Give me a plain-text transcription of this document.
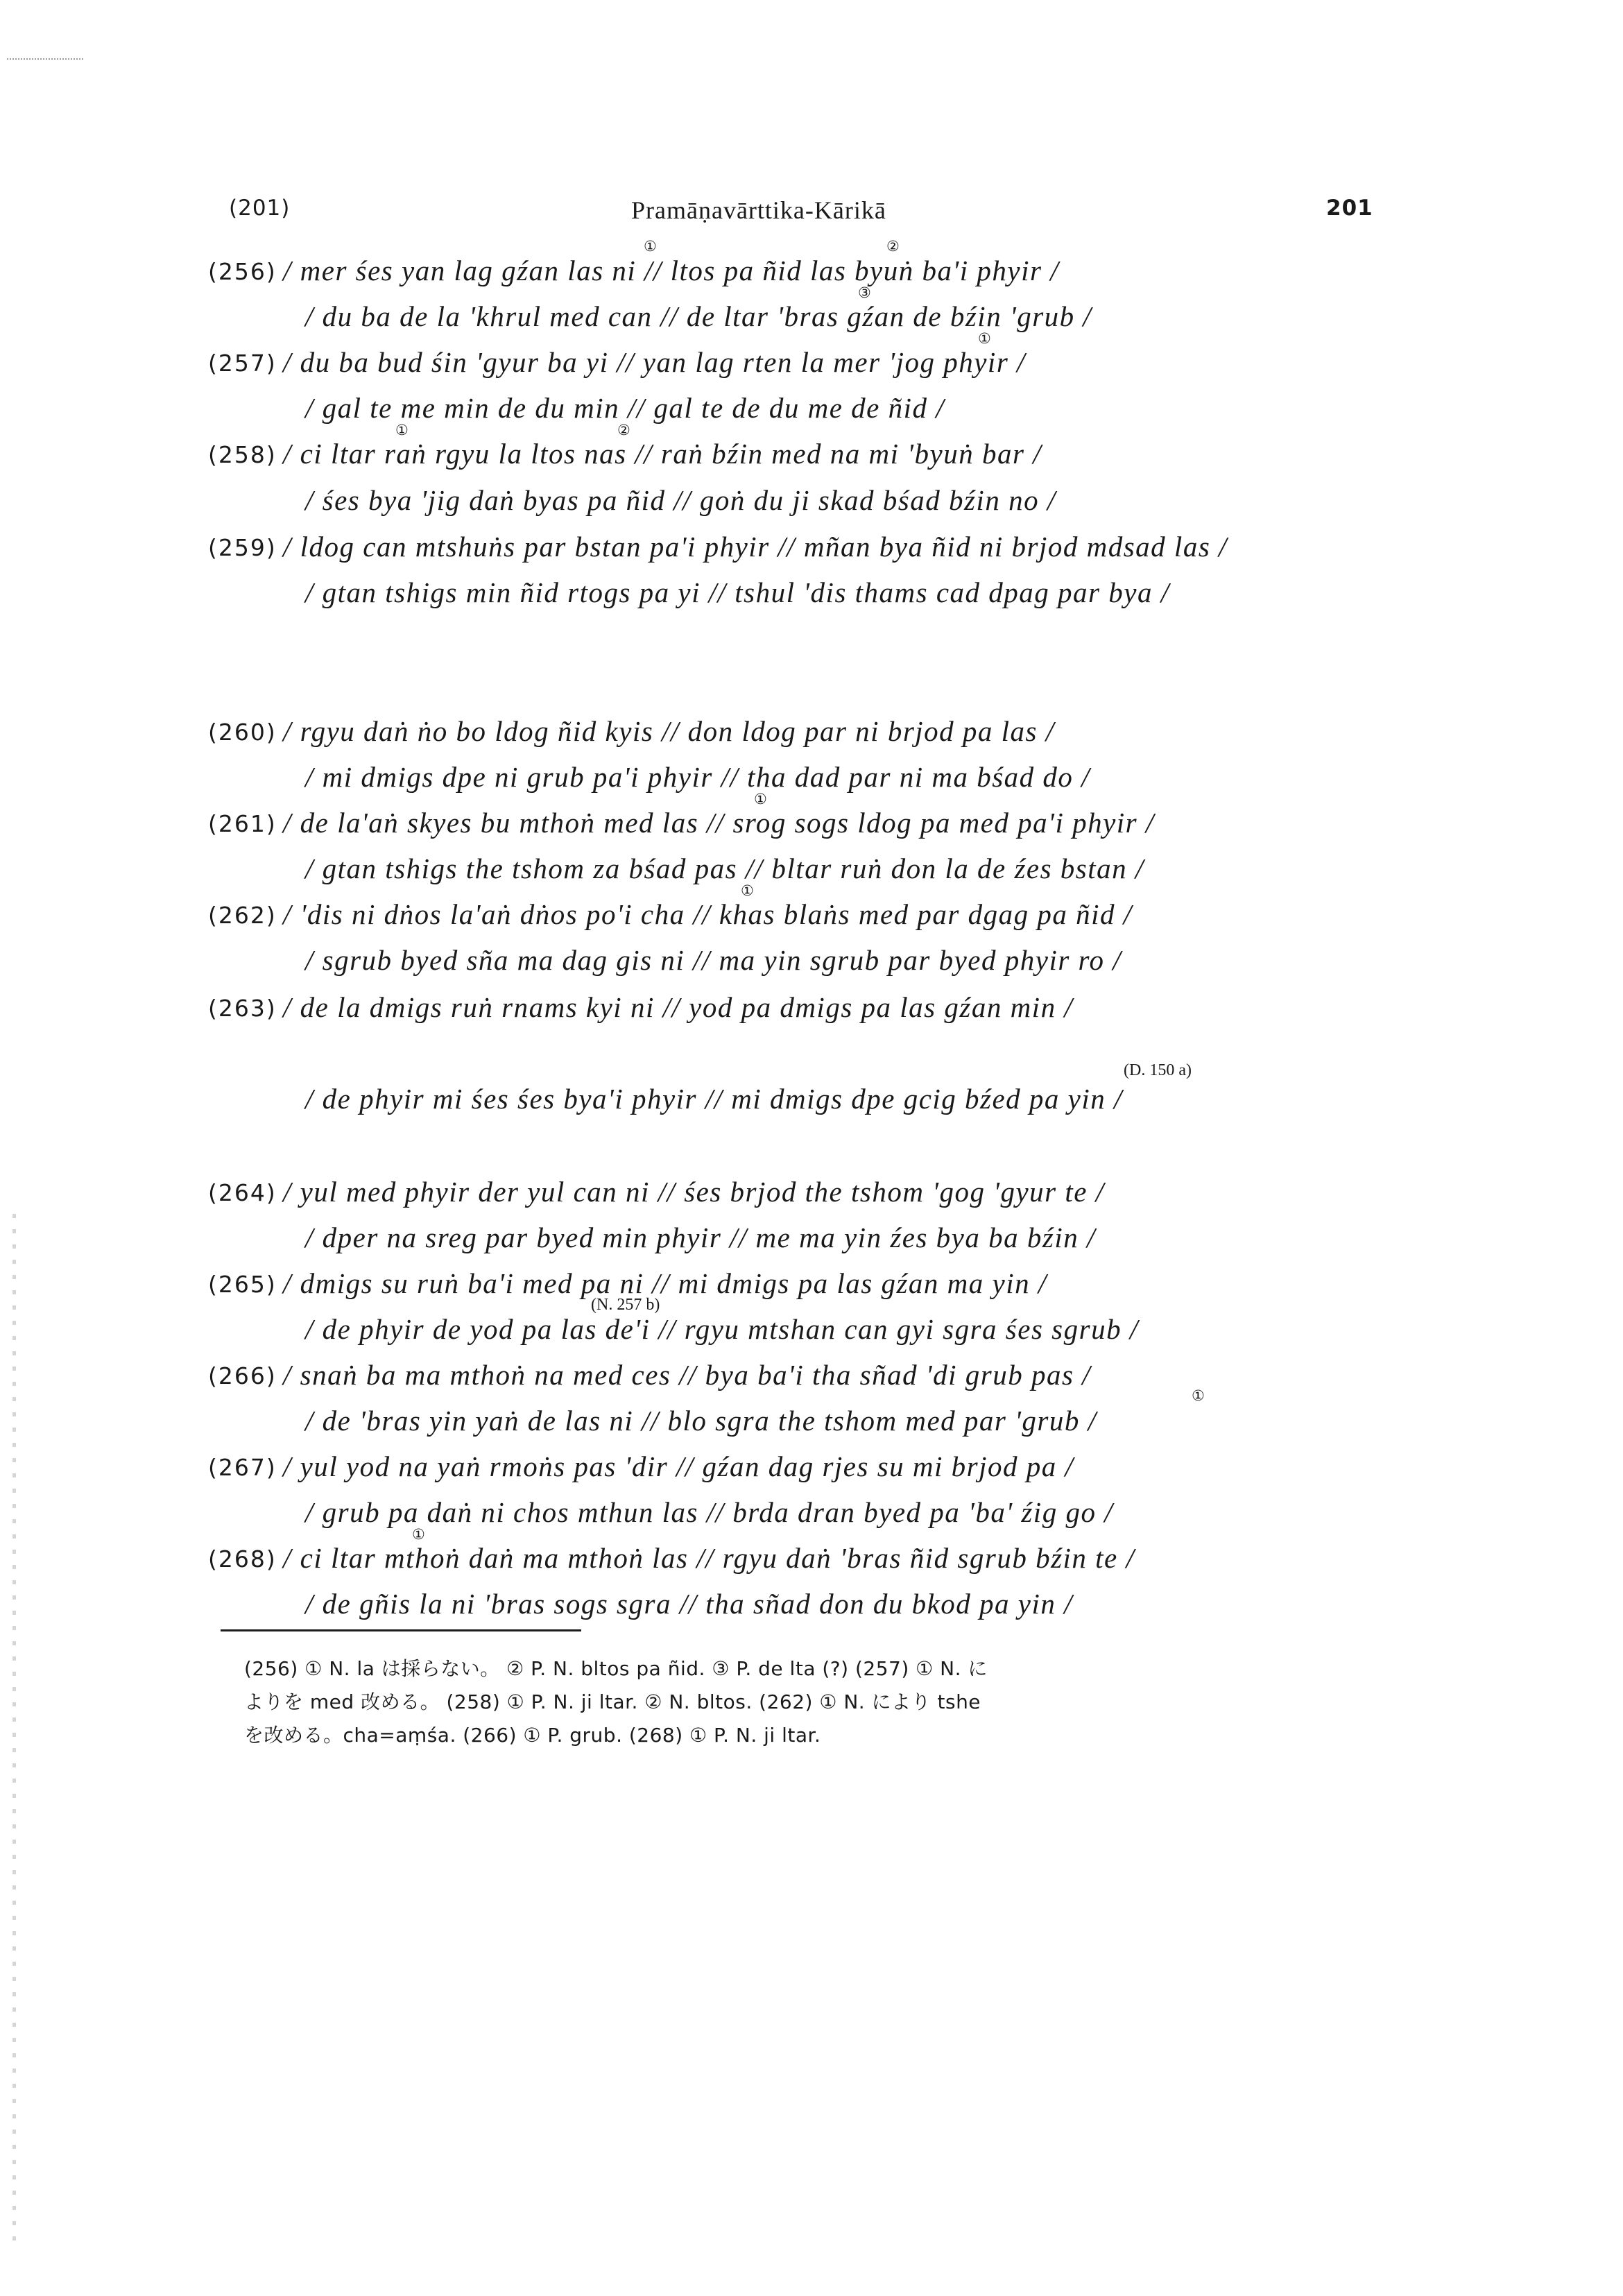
(201)	Pramāṇavārttika-Kārikā	201
(256) / mer śes yan lag gźan las ni // ltos pa ñid las byuṅ ba'i phyir /
①	②
③
/ du ba de la 'khrul med can // de ltar 'bras gźan de bźin 'grub /
(257) / du ba bud śin 'gyur ba yi // yan lag rten la mer 'jog phyir /
①
/ gal te me min de du min // gal te de du me de ñid /
(258) / ci ltar raṅ rgyu la ltos nas // raṅ bźin med na mi 'byuṅ bar /
①	②
/ śes bya 'jig daṅ byas pa ñid // goṅ du ji skad bśad bźin no /
(259) / ldog can mtshuṅs par bstan pa'i phyir // mñan bya ñid ni brjod mdsad las /
/ gtan tshigs min ñid rtogs pa yi // tshul 'dis thams cad dpag par bya /
(260) / rgyu daṅ ṅo bo ldog ñid kyis // don ldog par ni brjod pa las /
/ mi dmigs dpe ni grub pa'i phyir // tha dad par ni ma bśad do /
(261) / de la'aṅ skyes bu mthoṅ med las // srog sogs ldog pa med pa'i phyir /
①
/ gtan tshigs the tshom za bśad pas // bltar ruṅ don la de źes bstan /
(262) / 'dis ni dṅos la'aṅ dṅos po'i cha // khas blaṅs med par dgag pa ñid /
①
/ sgrub byed sña ma dag gis ni // ma yin sgrub par byed phyir ro /
(263) / de la dmigs ruṅ rnams kyi ni // yod pa dmigs pa las gźan min /
(D. 150 a)
/ de phyir mi śes śes bya'i phyir // mi dmigs dpe gcig bźed pa yin /
(264) / yul med phyir der yul can ni // śes brjod the tshom 'gog 'gyur te /
/ dper na sreg par byed min phyir // me ma yin źes bya ba bźin /
(265) / dmigs su ruṅ ba'i med pa ni // mi dmigs pa las gźan ma yin /
(N. 257 b)
/ de phyir de yod pa las de'i // rgyu mtshan can gyi sgra śes sgrub /
(266) / snaṅ ba ma mthoṅ na med ces // bya ba'i tha sñad 'di grub pas /
①
/ de 'bras yin yaṅ de las ni // blo sgra the tshom med par 'grub /
(267) / yul yod na yaṅ rmoṅs pas 'dir // gźan dag rjes su mi brjod pa /
/ grub pa daṅ ni chos mthun las // brda dran byed pa 'ba' źig go /
(268) / ci ltar mthoṅ daṅ ma mthoṅ las // rgyu daṅ 'bras ñid sgrub bźin te /
①
/ de gñis la ni 'bras sogs sgra // tha sñad don du bkod pa yin /
(256) ① N. la は採らない。 ② P. N. bltos pa ñid. ③ P. de lta (?) (257) ① N. に
よりを med 改める。 (258) ① P. N. ji ltar. ② N. bltos. (262) ① N. により tshe
を改める。cha=aṃśa. (266) ① P. grub. (268) ① P. N. ji ltar.
